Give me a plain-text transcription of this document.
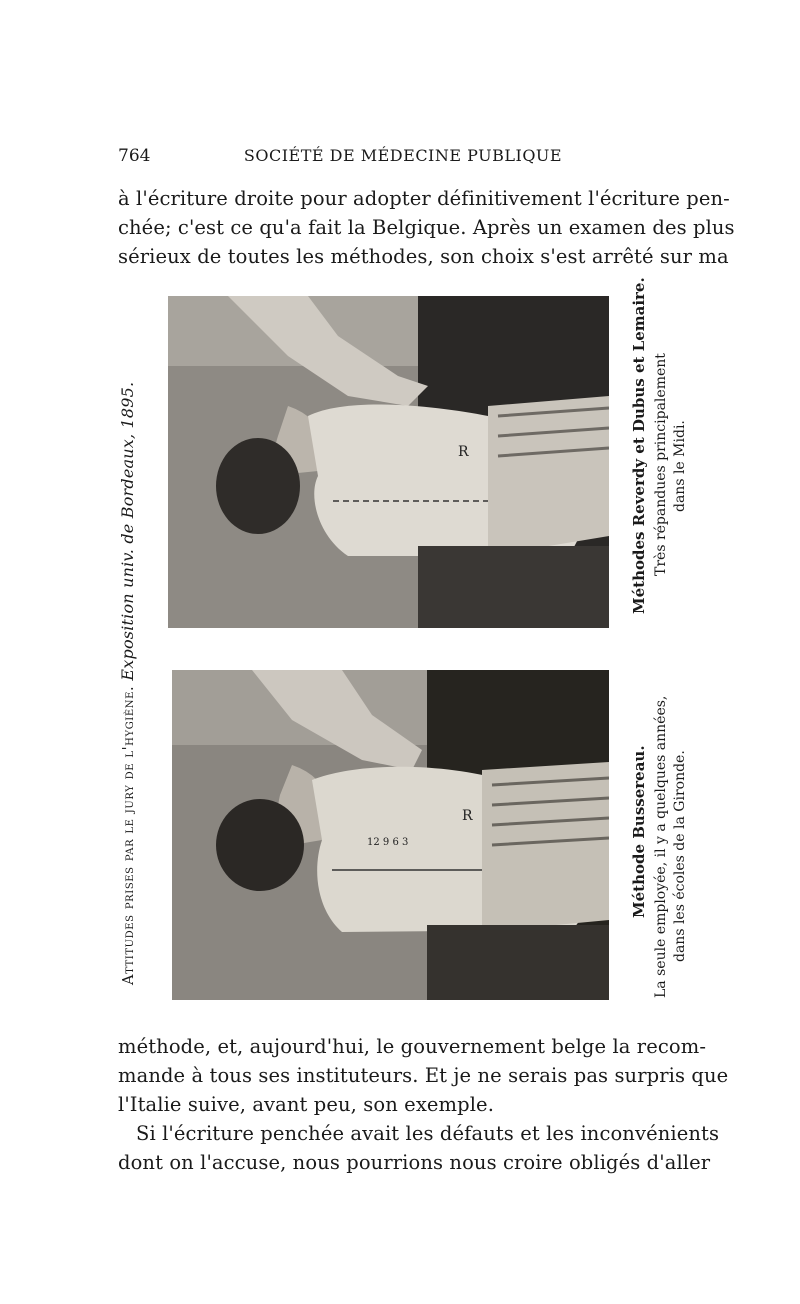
764	SOCIÉTÉ DE MÉDECINE PUBLIQUE
à l'écriture droite pour adopter définitivement l'écriture pen-
chée; c'est ce qu'a fait la Belgique. Après un examen des plus
sérieux de toutes les méthodes, son choix s'est arrêté sur ma
Attitudes prises par le jury de l'hygiène. Exposition univ. de Bordeaux, 1895.	R
R
12 9 6 3
Méthodes Reverdy et Dubus et Lemaire. Très répandues principalement dans le Midi.
Méthode Bussereau. La seule employée, il y a quelques années, dans les écoles de la Gironde.
méthode, et, aujourd'hui, le gouvernement belge la recom-
mande à tous ses instituteurs. Et je ne serais pas surpris que
l'Italie suive, avant peu, son exemple.
Si l'écriture penchée avait les défauts et les inconvénients
dont on l'accuse, nous pourrions nous croire obligés d'aller
